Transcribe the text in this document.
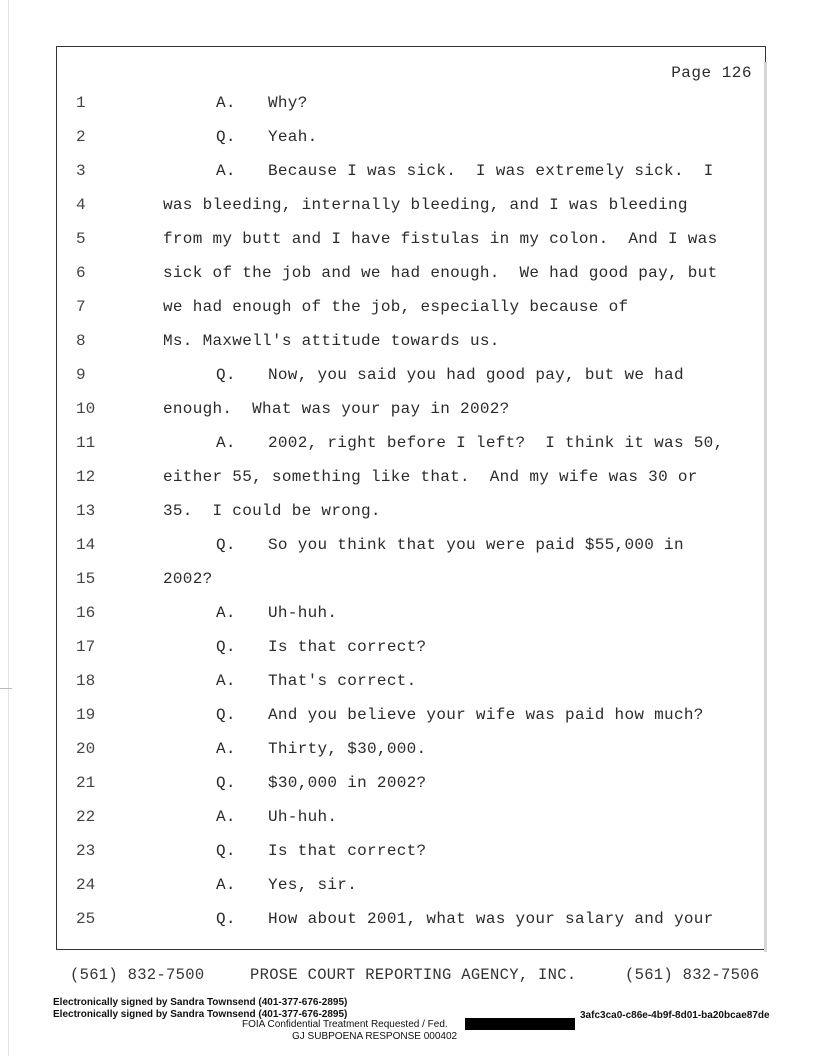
Page 126
1	A. Why?
2	Q. Yeah.
3	A. Because I was sick.  I was extremely sick.  I
4	was bleeding, internally bleeding, and I was bleeding
5	from my butt and I have fistulas in my colon.  And I was
6	sick of the job and we had enough.  We had good pay, but
7	we had enough of the job, especially because of
8	Ms. Maxwell's attitude towards us.
9	Q. Now, you said you had good pay, but we had
10	enough.  What was your pay in 2002?
11	A. 2002, right before I left?  I think it was 50,
12	either 55, something like that.  And my wife was 30 or
13	35.  I could be wrong.
14	Q. So you think that you were paid $55,000 in
15	2002?
16	A. Uh-huh.
17	Q. Is that correct?
18	A. That's correct.
19	Q. And you believe your wife was paid how much?
20	A. Thirty, $30,000.
21	Q. $30,000 in 2002?
22	A. Uh-huh.
23	Q. Is that correct?
24	A. Yes, sir.
25	Q. How about 2001, what was your salary and your

(561) 832-7500

	PROSE COURT REPORTING AGENCY, INC.

	(561) 832-7506

Electronically signed by Sandra Townsend (401-377-676-2895)
Electronically signed by Sandra Townsend (401-377-676-2895)	3afc3ca0-c86e-4b9f-8d01-ba20bcae87de
FOIA Confidential Treatment Requested / Fed.
GJ SUBPOENA RESPONSE 000402
